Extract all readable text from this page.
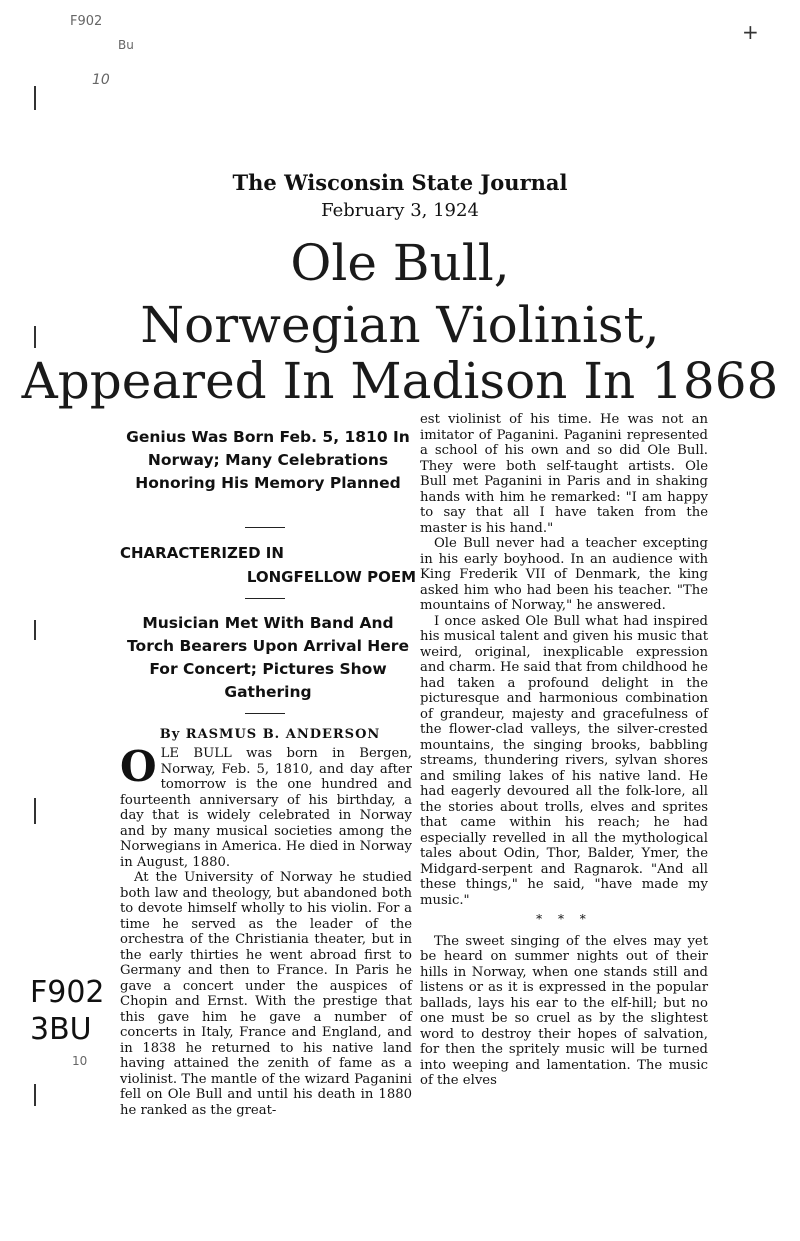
F902
Bu
10
+
The Wisconsin State Journal
February 3, 1924
Ole Bull,
Norwegian Violinist,
Appeared In Madison In 1868
Genius Was Born Feb. 5, 1810 In Norway; Many Celebrations Honoring His Memory Planned
CHARACTERIZED IN
LONGFELLOW POEM
Musician Met With Band And Torch Bearers Upon Arrival Here For Concert; Pictures Show Gathering
By RASMUS B. ANDERSON

OLE BULL was born in Bergen, Norway, Feb. 5, 1810, and day after tomorrow is the one hundred and fourteenth anniversary of his birthday, a day that is widely celebrated in Norway and by many musical societies among the Norwegians in America. He died in Norway in August, 1880.

At the University of Norway he studied both law and theology, but abandoned both to devote himself wholly to his violin. For a time he served as the leader of the orchestra of the Christiania theater, but in the early thirties he went abroad first to Germany and then to France. In Paris he gave a concert under the auspices of Chopin and Ernst. With the prestige that this gave him he gave a number of concerts in Italy, France and England, and in 1838 he returned to his native land having attained the zenith of fame as a violinist. The mantle of the wizard Paganini fell on Ole Bull and until his death in 1880 he ranked as the great-

est violinist of his time. He was not an imitator of Paganini. Paganini represented a school of his own and so did Ole Bull. They were both self-taught artists. Ole Bull met Paganini in Paris and in shaking hands with him he remarked: "I am happy to say that all I have taken from the master is his hand."

Ole Bull never had a teacher excepting in his early boyhood. In an audience with King Frederik VII of Denmark, the king asked him who had been his teacher. "The mountains of Norway," he answered.

I once asked Ole Bull what had inspired his musical talent and given his music that weird, original, inexplicable expression and charm. He said that from childhood he had taken a profound delight in the picturesque and harmonious combination of grandeur, majesty and gracefulness of the flower-clad valleys, the silver-crested mountains, the singing brooks, babbling streams, thundering rivers, sylvan shores and smiling lakes of his native land. He had eagerly devoured all the folk-lore, all the stories about trolls, elves and sprites that came within his reach; he had especially revelled in all the mythological tales about Odin, Thor, Balder, Ymer, the Midgard-serpent and Ragnarok. "And all these things," he said, "have made my music."

* * *

The sweet singing of the elves may yet be heard on summer nights out of their hills in Norway, when one stands still and listens or as it is expressed in the popular ballads, lays his ear to the elf-hill; but no one must be so cruel as by the slightest word to destroy their hopes of salvation, for then the spritely music will be turned into weeping and lamentation. The music of the elves

F902
3BU
10
